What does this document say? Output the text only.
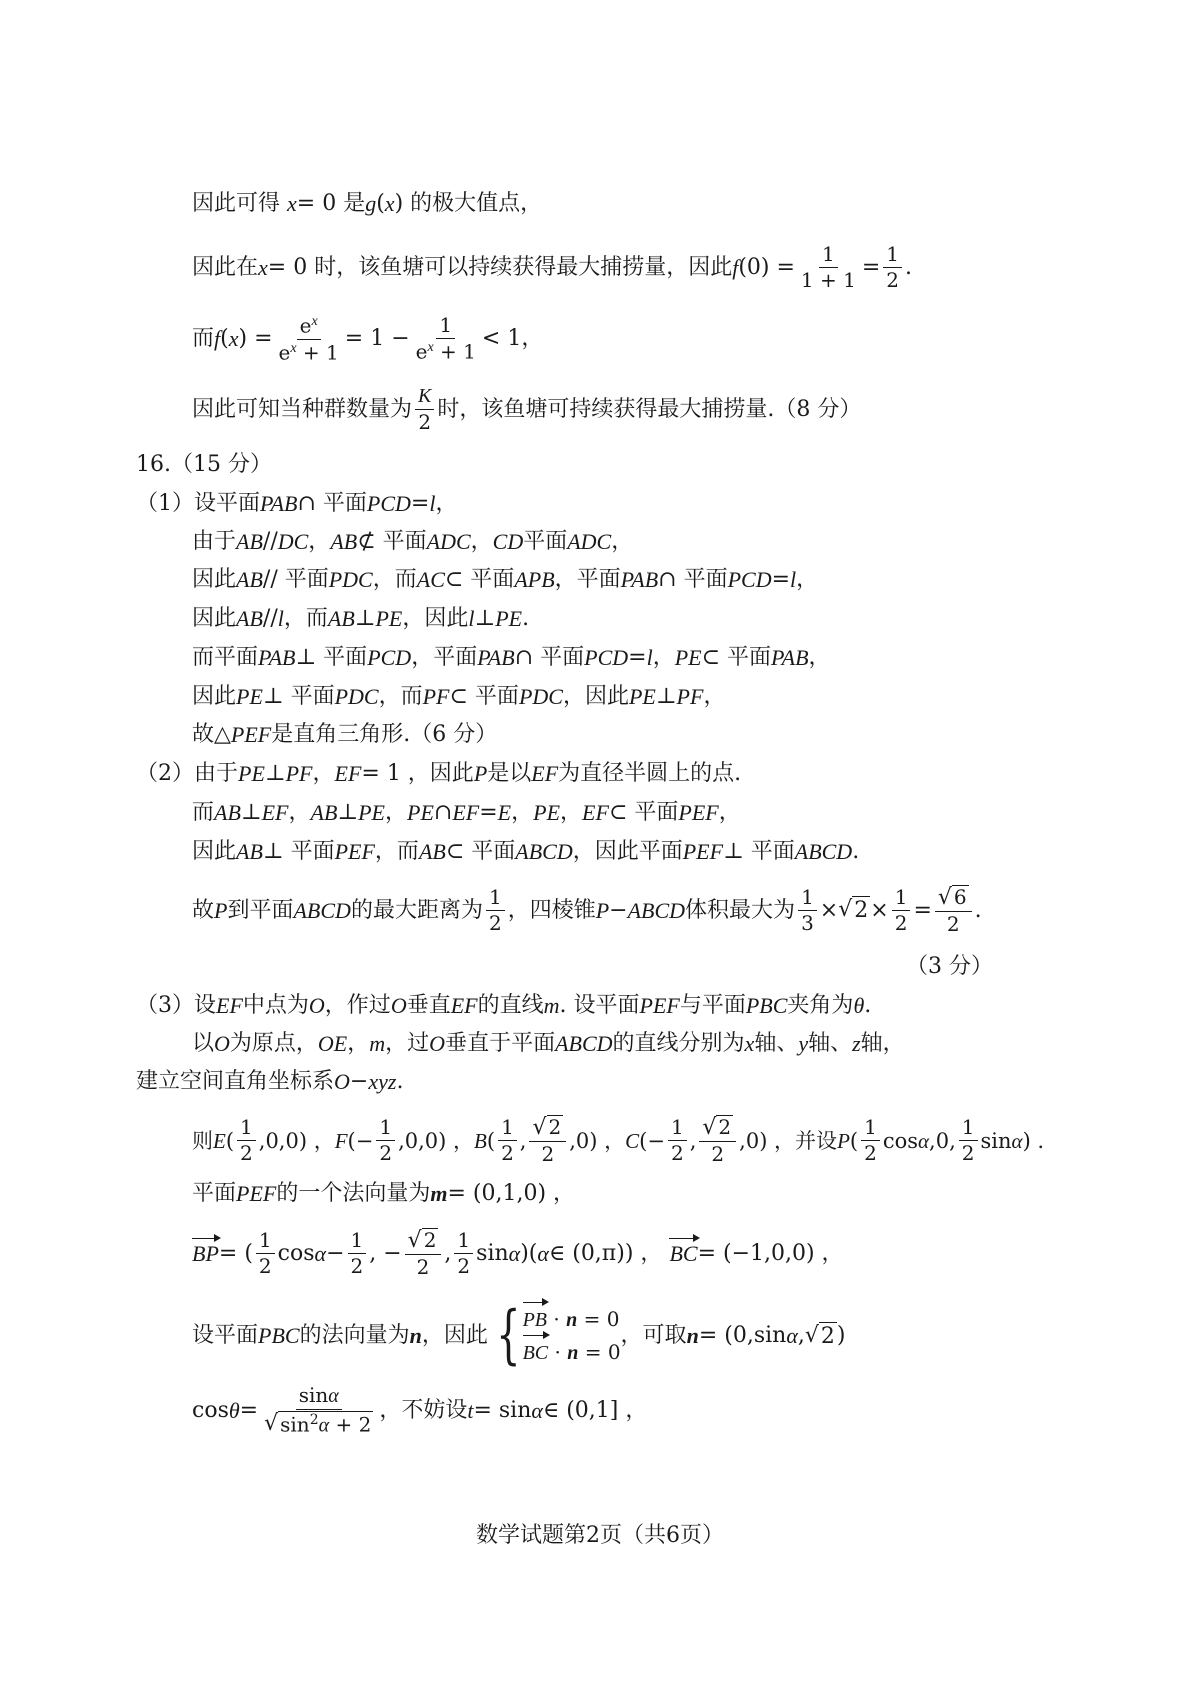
因此可得
x = 0 是 g ( x ) 的极大值点，
因此在 x = 0 时，该鱼塘可以持续获得最大捕捞量，因此 f $(0) = \frac{1}{1 + 1} = \frac{1}{2}$ .
而 f ( x ) = $\frac{e^x}{e^x + 1} = 1 - \frac{1}{e^x + 1} < 1$，
因此可知当种群数量为 $\frac{K}{2}$ 时，该鱼塘可持续获得最大捕捞量.（8 分）
16.（15 分）
（1）设平面 PAB ∩ 平面 PCD = l ，
由于 AB // DC ， AB ⊄ 平面 ADC ， CD 平面 ADC ，
因此 AB // 平面 PDC ，而 AC ⊂ 平面 APB ，平面 PAB ∩ 平面 PCD = l ，
因此 AB // l ，而 AB ⊥ PE ，因此 l ⊥ PE .
而平面 PAB ⊥ 平面 PCD ，平面 PAB ∩ 平面 PCD = l ， PE ⊂ 平面 PAB ，
因此 PE ⊥ 平面 PDC ，而 PF ⊂ 平面 PDC ，因此 PE ⊥ PF ，
故△ PEF 是直角三角形.（6 分）
（2）由于 PE ⊥ PF ， EF = 1 ，因此 P 是以 EF 为直径半圆上的点.
而 AB ⊥ EF ， AB ⊥ PE ， PE ∩ EF = E ， PE ， EF ⊂ 平面 PEF ，
因此 AB ⊥ 平面 PEF ，而 AB ⊂ 平面 ABCD ，因此平面 PEF ⊥ 平面 ABCD .
故 P 到平面 ABCD 的最大距离为 $\frac{1}{2}$ ，四棱锥 P − ABCD 体积最大为 $\frac{1}{3}$ × √ $2 \times \frac{1}{2} = \frac{√ 6}{2}$ .
（3 分）
（3）设 EF 中点为 O ，作过 O 垂直 EF 的直线 m . 设平面 PEF 与平面 PBC 夹角为 θ .
以 O 为原点， OE ， m ，过 O 垂直于平面 ABCD 的直线分别为 x 轴、 y 轴、 z 轴，
建立空间直角坐标系 O − xyz .
则 E ( $\frac{1}{2} ,0,0$) ， F (− $\frac{1}{2} ,0,0$) ， B ( $\frac{1}{2}$ , $\frac{√ 2}{2} ,0$) ， C (− $\frac{1}{2}$ , $\frac{√ 2}{2} ,0$) ，并设 P ( $\frac{1}{2}$ cos α ,0, $\frac{1}{2}$ sin α ) .
平面 PEF 的一个法向量为 m = (0,1,0) ，
BP = ( $\frac{1}{2}$ $\cos \alpha - \frac{1}{2}$ , − $\frac{√ 2}{2}$ , $\frac{1}{2}$ sin α )( α ∈ (0,π)) ，
BC = (−1,0,0) ，
设平面 PBC 的法向量为 n ，因此 { PB · n = 0
BC · n = 0
，可取 n = (0,sin α , √ 2 )
$\cos \theta = \frac{\sin\alpha}{√ \sin^2\alpha + 2}$ ，不妨设 t = sin α ∈ (0,1] ，
数学试题第2页（共6页）
